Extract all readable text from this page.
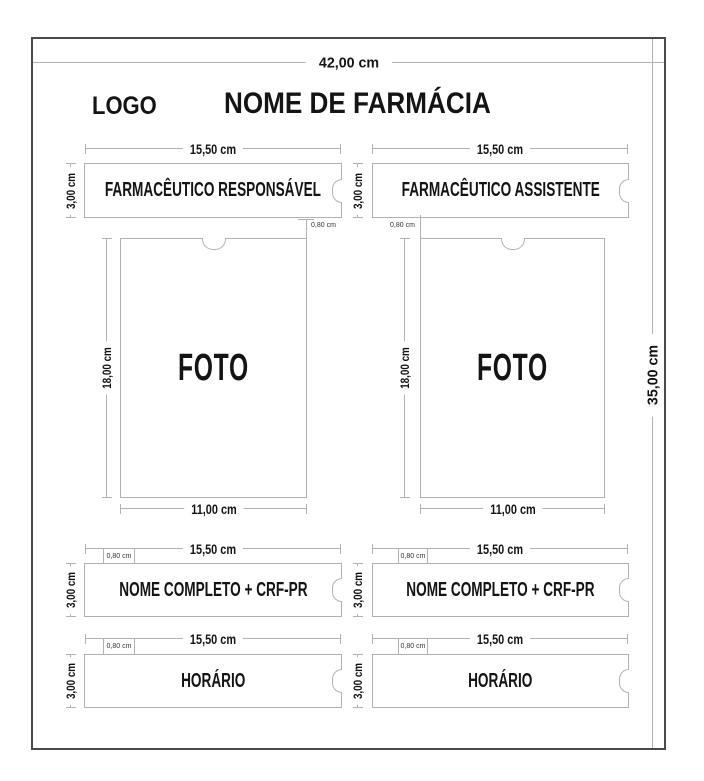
42,00 cm
35,00 cm
LOGO NOME DE FARMÁCIA
15,50 cm
3,00 cm FARMACÊUTICO RESPONSÁVEL
0,80 cm
18,00 cm FOTO
11,00 cm
15,50 cm
0,80 cm
3,00 cm NOME COMPLETO + CRF-PR
15,50 cm
0,80 cm
3,00 cm	HORÁRIO
15,50 cm
3,00 cm FARMACÊUTICO ASSISTENTE
0,80 cm
18,00 cm FOTO
11,00 cm
15,50 cm
0,80 cm
3,00 cm NOME COMPLETO + CRF-PR
15,50 cm
0,80 cm
3,00 cm	HORÁRIO
